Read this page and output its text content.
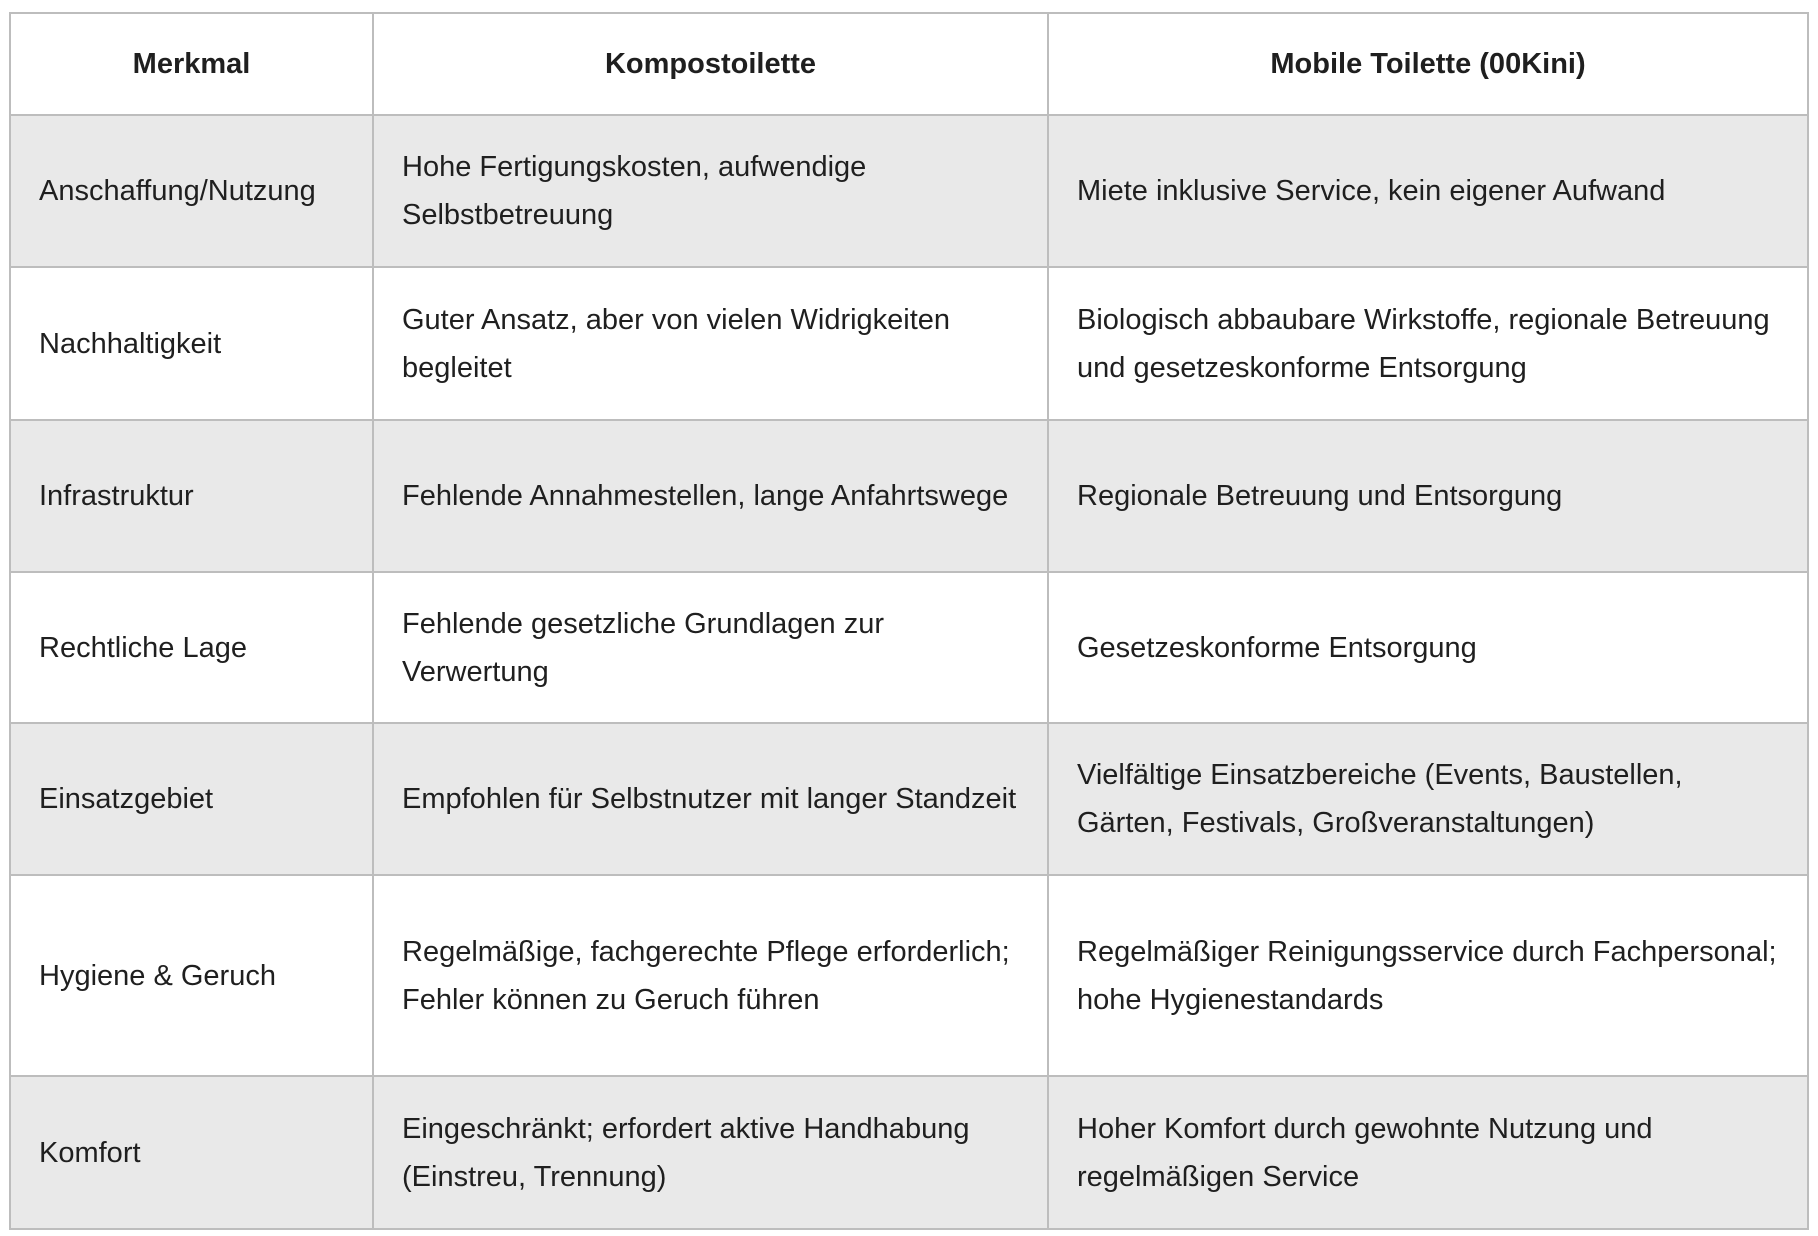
Merkmal	Kompostoilette	Mobile Toilette (00Kini)
Anschaffung/Nutzung	Hohe Fertigungskosten, aufwendige Selbstbetreuung	Miete inklusive Service, kein eigener Aufwand
Nachhaltigkeit	Guter Ansatz, aber von vielen Widrigkeiten begleitet	Biologisch abbaubare Wirkstoffe, regionale Betreuung und gesetzeskonforme Entsorgung
Infrastruktur	Fehlende Annahmestellen, lange Anfahrtswege	Regionale Betreuung und Entsorgung
Rechtliche Lage	Fehlende gesetzliche Grundlagen zur Verwertung	Gesetzeskonforme Entsorgung
Einsatzgebiet	Empfohlen für Selbstnutzer mit langer Standzeit	Vielfältige Einsatzbereiche (Events, Baustellen, Gärten, Festivals, Großveranstaltungen)
Hygiene & Geruch	Regelmäßige, fachgerechte Pflege erforderlich; Fehler können zu Geruch führen	Regelmäßiger Reinigungsservice durch Fachpersonal; hohe Hygienestandards
Komfort	Eingeschränkt; erfordert aktive Handhabung (Einstreu, Trennung)	Hoher Komfort durch gewohnte Nutzung und regelmäßigen Service
